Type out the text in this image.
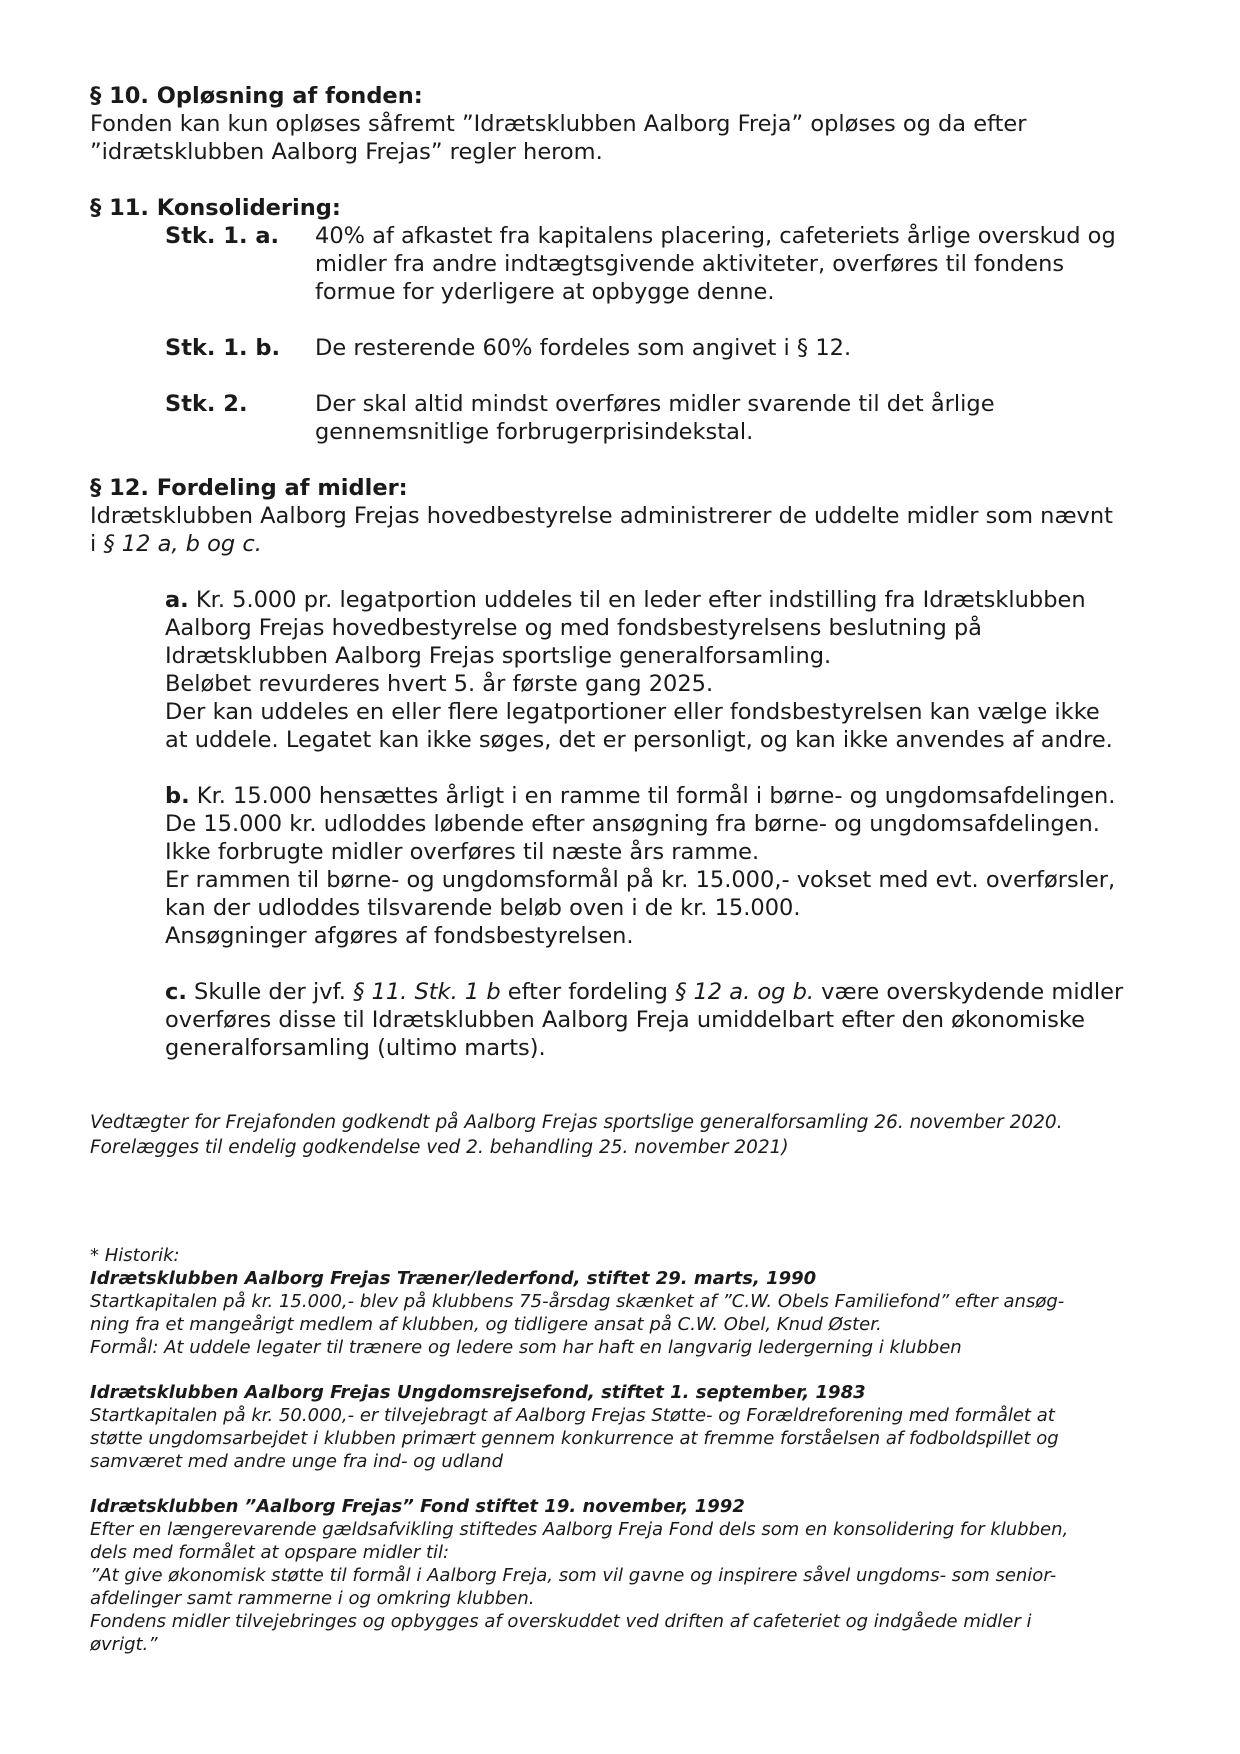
§ 10. Opløsning af fonden:
Fonden kan kun opløses såfremt ”Idrætsklubben Aalborg Freja” opløses og da efter
”idrætsklubben Aalborg Frejas” regler herom.
§ 11. Konsolidering:
Stk. 1. a.	40% af afkastet fra kapitalens placering, cafeteriets årlige overskud og
midler fra andre indtægtsgivende aktiviteter, overføres til fondens
formue for yderligere at opbygge denne.
Stk. 1. b.	De resterende 60% fordeles som angivet i § 12.
Stk. 2.	Der skal altid mindst overføres midler svarende til det årlige
gennemsnitlige forbrugerprisindekstal.
§ 12. Fordeling af midler:
Idrætsklubben Aalborg Frejas hovedbestyrelse administrerer de uddelte midler som nævnt
i § 12 a, b og c.
a. Kr. 5.000 pr. legatportion uddeles til en leder efter indstilling fra Idrætsklubben
Aalborg Frejas hovedbestyrelse og med fondsbestyrelsens beslutning på
Idrætsklubben Aalborg Frejas sportslige generalforsamling.
Beløbet revurderes hvert 5. år første gang 2025.
Der kan uddeles en eller flere legatportioner eller fondsbestyrelsen kan vælge ikke
at uddele. Legatet kan ikke søges, det er personligt, og kan ikke anvendes af andre.
b. Kr. 15.000 hensættes årligt i en ramme til formål i børne- og ungdomsafdelingen.
De 15.000 kr. udloddes løbende efter ansøgning fra børne- og ungdomsafdelingen.
Ikke forbrugte midler overføres til næste års ramme.
Er rammen til børne- og ungdomsformål på kr. 15.000,- vokset med evt. overførsler,
kan der udloddes tilsvarende beløb oven i de kr. 15.000.
Ansøgninger afgøres af fondsbestyrelsen.
c. Skulle der jvf. § 11. Stk. 1 b efter fordeling § 12 a. og b. være overskydende midler
overføres disse til Idrætsklubben Aalborg Freja umiddelbart efter den økonomiske
generalforsamling (ultimo marts).
Vedtægter for Frejafonden godkendt på Aalborg Frejas sportslige generalforsamling 26. november 2020.
Forelægges til endelig godkendelse ved 2. behandling 25. november 2021)
* Historik:
Idrætsklubben Aalborg Frejas Træner/lederfond, stiftet 29. marts, 1990
Startkapitalen på kr. 15.000,- blev på klubbens 75-årsdag skænket af ”C.W. Obels Familiefond” efter ansøg-
ning fra et mangeårigt medlem af klubben, og tidligere ansat på C.W. Obel, Knud Øster.
Formål: At uddele legater til trænere og ledere som har haft en langvarig ledergerning i klubben
Idrætsklubben Aalborg Frejas Ungdomsrejsefond, stiftet 1. september, 1983
Startkapitalen på kr. 50.000,- er tilvejebragt af Aalborg Frejas Støtte- og Forældreforening med formålet at
støtte ungdomsarbejdet i klubben primært gennem konkurrence at fremme forståelsen af fodboldspillet og
samværet med andre unge fra ind- og udland
Idrætsklubben ”Aalborg Frejas” Fond stiftet 19. november, 1992
Efter en længerevarende gældsafvikling stiftedes Aalborg Freja Fond dels som en konsolidering for klubben,
dels med formålet at opspare midler til:
”At give økonomisk støtte til formål i Aalborg Freja, som vil gavne og inspirere såvel ungdoms- som senior-
afdelinger samt rammerne i og omkring klubben.
Fondens midler tilvejebringes og opbygges af overskuddet ved driften af cafeteriet og indgåede midler i
øvrigt.”
